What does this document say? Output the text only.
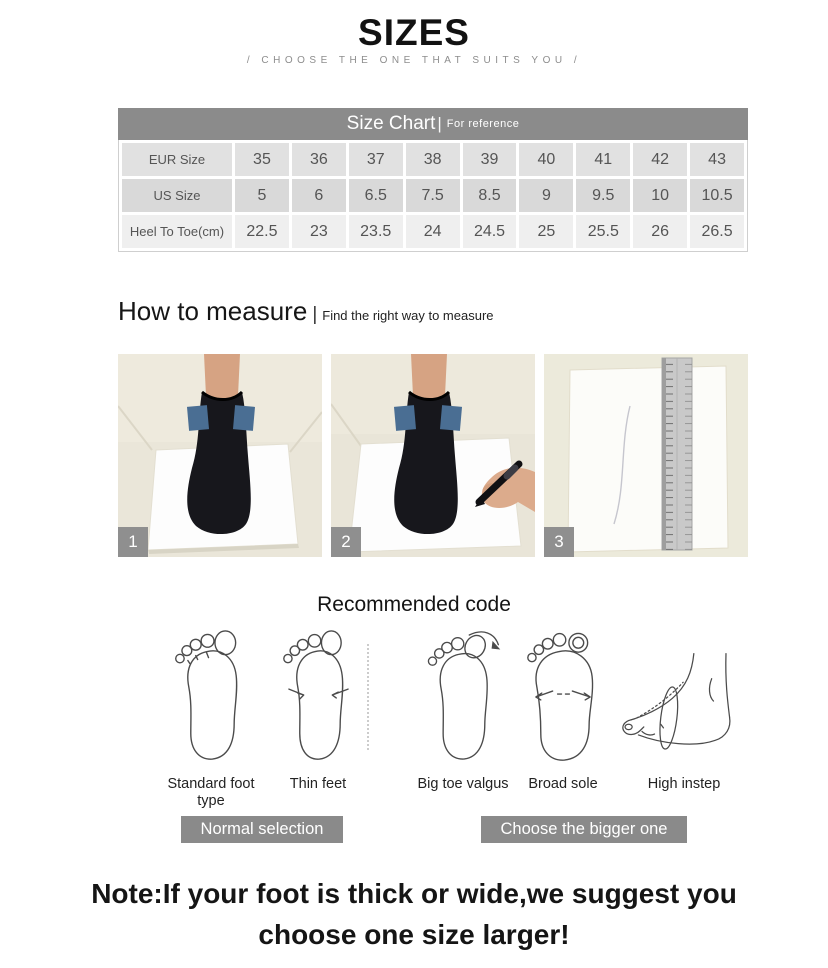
SIZES
/ CHOOSE THE ONE THAT SUITS YOU /
Size Chart | For reference
EUR Size	35	36	37	38	39	40	41	42	43
US Size	5	6	6.5	7.5	8.5	9	9.5	10	10.5
Heel To Toe(cm)	22.5	23	23.5	24	24.5	25	25.5	26	26.5
How to measure | Find the right way to measure
1	2	3
Recommended code
Standard foot type
Thin feet
Normal selection
Big toe valgus Broad sole	High instep
Choose the bigger one
Note:If your foot is thick or wide,we suggest you
choose one size larger!
